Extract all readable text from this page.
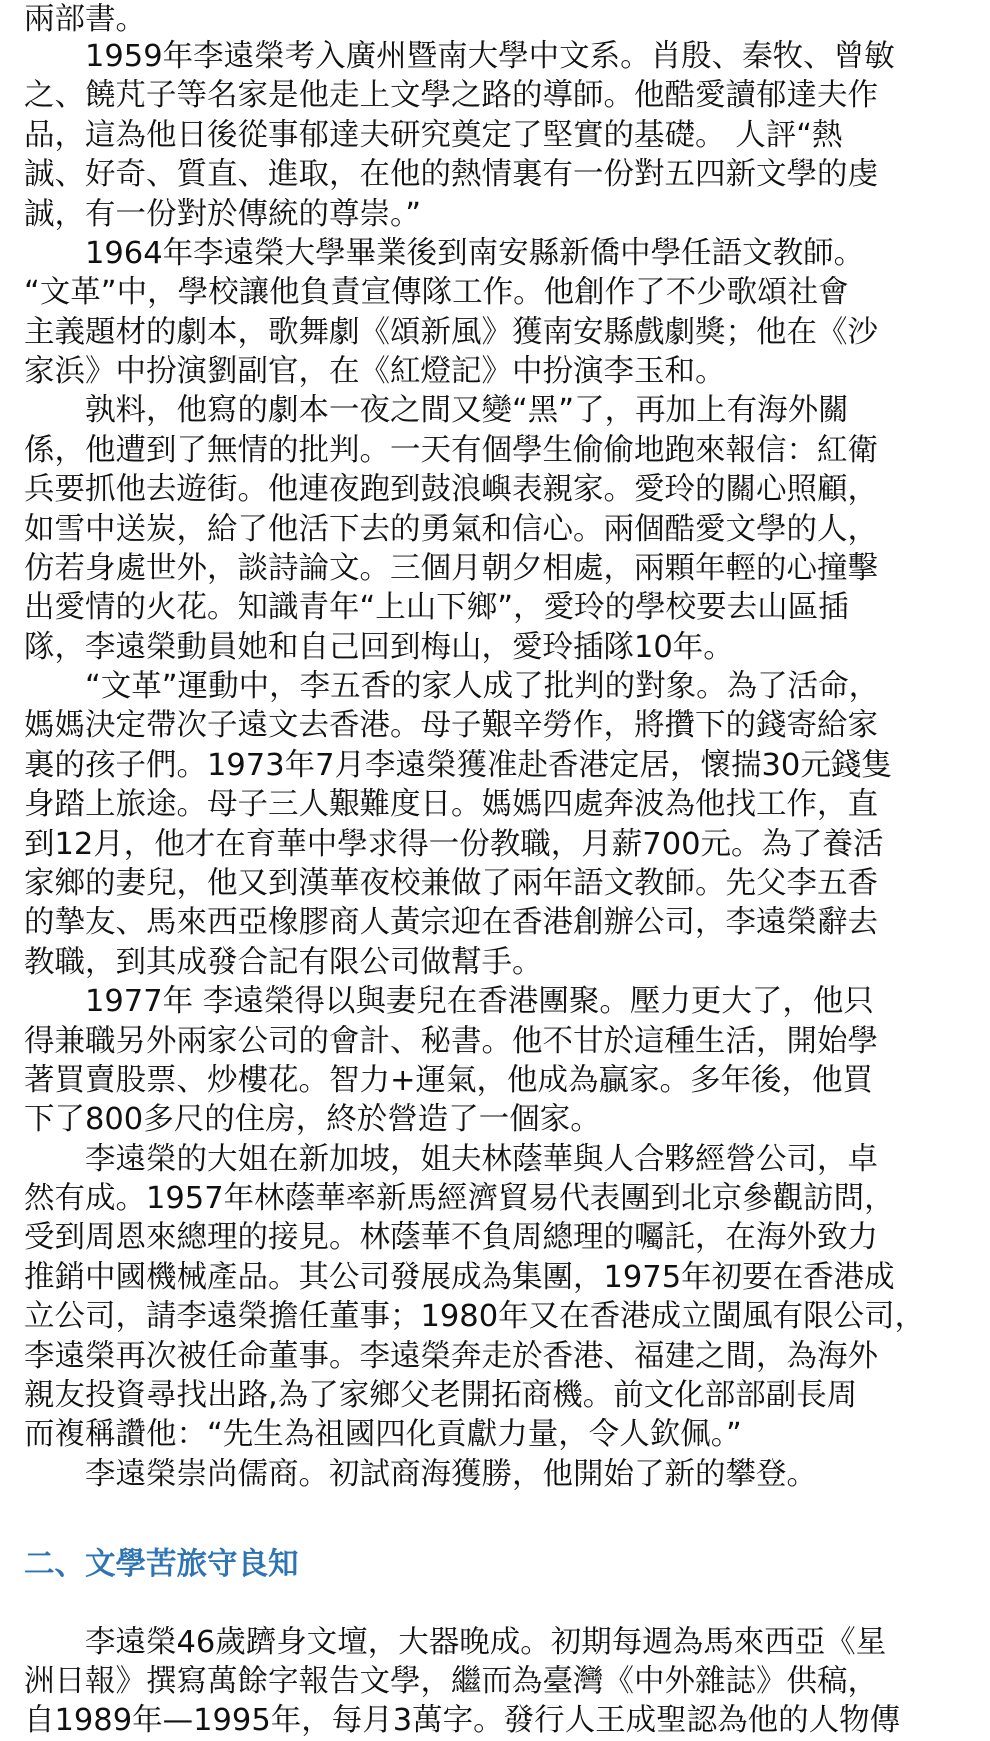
兩部書。
　　1959年李遠榮考入廣州暨南大學中文系。肖殷、秦牧、曾敏
之、饒芃子等名家是他走上文學之路的導師。他酷愛讀郁達夫作
品，這為他日後從事郁達夫研究奠定了堅實的基礎。 人評“熱
誠、好奇、質直、進取，在他的熱情裏有一份對五四新文學的虔
誠，有一份對於傳統的尊崇。”
　　1964年李遠榮大學畢業後到南安縣新僑中學任語文教師。
“文革”中，學校讓他負責宣傳隊工作。他創作了不少歌頌社會
主義題材的劇本，歌舞劇《頌新風》獲南安縣戲劇獎；他在《沙
家浜》中扮演劉副官，在《紅燈記》中扮演李玉和。
　　孰料，他寫的劇本一夜之間又變“黑”了，再加上有海外關
係，他遭到了無情的批判。一天有個學生偷偷地跑來報信：紅衛
兵要抓他去遊街。他連夜跑到鼓浪嶼表親家。愛玲的關心照顧，
如雪中送炭，給了他活下去的勇氣和信心。兩個酷愛文學的人，
仿若身處世外，談詩論文。三個月朝夕相處，兩顆年輕的心撞擊
出愛情的火花。知識青年“上山下鄉”，愛玲的學校要去山區插
隊，李遠榮動員她和自己回到梅山，愛玲插隊10年。
　　“文革”運動中，李五香的家人成了批判的對象。為了活命，
媽媽決定帶次子遠文去香港。母子艱辛勞作，將攢下的錢寄給家
裏的孩子們。1973年7月李遠榮獲准赴香港定居，懷揣30元錢隻
身踏上旅途。母子三人艱難度日。媽媽四處奔波為他找工作，直
到12月，他才在育華中學求得一份教職，月薪700元。為了養活
家鄉的妻兒，他又到漢華夜校兼做了兩年語文教師。先父李五香
的摯友、馬來西亞橡膠商人黃宗迎在香港創辦公司，李遠榮辭去
教職，到其成發合記有限公司做幫手。
　　1977年 李遠榮得以與妻兒在香港團聚。壓力更大了，他只
得兼職另外兩家公司的會計、秘書。他不甘於這種生活，開始學
著買賣股票、炒樓花。智力+運氣，他成為贏家。多年後，他買
下了800多尺的住房，終於營造了一個家。
　　李遠榮的大姐在新加坡，姐夫林蔭華與人合夥經營公司，卓
然有成。1957年林蔭華率新馬經濟貿易代表團到北京參觀訪問，
受到周恩來總理的接見。林蔭華不負周總理的囑託，在海外致力
推銷中國機械產品。其公司發展成為集團，1975年初要在香港成
立公司，請李遠榮擔任董事；1980年又在香港成立閩風有限公司，
李遠榮再次被任命董事。李遠榮奔走於香港、福建之間，為海外
親友投資尋找出路,為了家鄉父老開拓商機。前文化部部副長周
而複稱讚他：“先生為祖國四化貢獻力量，令人欽佩。”
　　李遠榮崇尚儒商。初試商海獲勝，他開始了新的攀登。
二、文學苦旅守良知
　　李遠榮46歲躋身文壇，大器晚成。初期每週為馬來西亞《星
洲日報》撰寫萬餘字報告文學，繼而為臺灣《中外雜誌》供稿，
自1989年—1995年，每月3萬字。發行人王成聖認為他的人物傳
